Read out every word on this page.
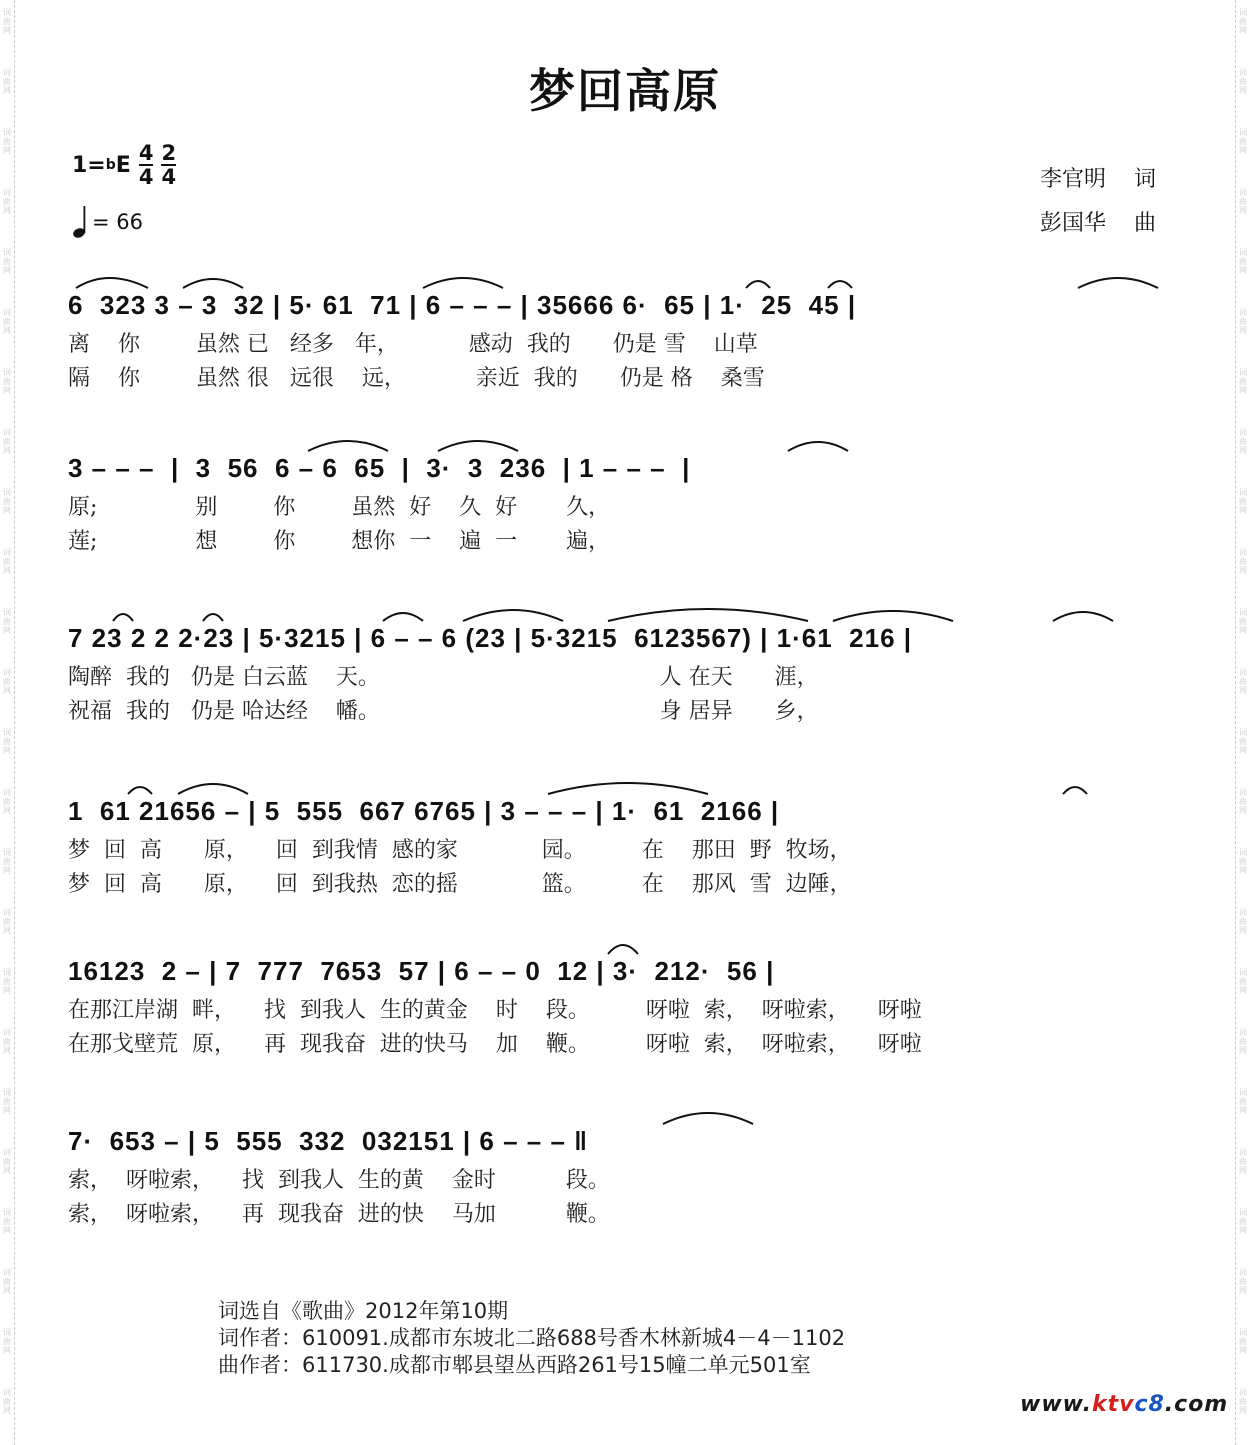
词曲网
词曲网
词曲网
词曲网
词曲网
词曲网
词曲网
词曲网
词曲网
词曲网
词曲网
词曲网
词曲网
词曲网
词曲网
词曲网
词曲网
词曲网
词曲网
词曲网
词曲网
词曲网
词曲网
词曲网
词曲网
词曲网
词曲网
词曲网
词曲网
词曲网
词曲网
词曲网
词曲网
词曲网
词曲网
词曲网
词曲网
词曲网
词曲网
词曲网
词曲网
词曲网
词曲网
词曲网
词曲网
词曲网
词曲网
词曲网
梦回高原
1= b E $\frac{4}{4} \frac{2}{4}$
= 66
李官明 词
彭国华 曲
6  323 3 – 3  32 | 5· 61  71 | 6 – – – | 35666 6·  65 | 1·  25  45 |
离    你        虽然 已   经多   年，          感动  我的      仍是 雪    山草
隔    你        虽然 很   远很    远，          亲近  我的      仍是 格    桑雪
3 – – –  |  3  56  6 – 6  65  |  3·  3  236  | 1 – – –  |
原;              别        你        虽然  好    久  好       久，
莲;              想        你        想你  一    遍  一       遍，
7 23 2 2 2·23 | 5·3215 | 6 – – 6 (23 | 5·3215  6123567) | 1·61  216 |
陶醉  我的   仍是 白云蓝    天。                                        人 在天      涯，
祝福  我的   仍是 哈达经    幡。                                        身 居异      乡，
1  61 21656 – | 5  555  667 6765 | 3 – – – | 1·  61  2166 |
梦  回  高      原，    回  到我情  感的家            园。        在    那田  野  牧场，
梦  回  高      原，    回  到我热  恋的摇            篮。        在    那风  雪  边陲，
16123  2 – | 7  777  7653  57 | 6 – – 0  12 | 3·  212·  56 |
在那江岸湖  畔，    找  到我人  生的黄金    时    段。        呀啦  索，  呀啦索，    呀啦
在那戈壁荒  原，    再  现我奋  进的快马    加    鞭。        呀啦  索，  呀啦索，    呀啦
7·  653 – | 5  555  332  032151 | 6 – – – ‖
索，  呀啦索，    找  到我人  生的黄    金时          段。
索，  呀啦索，    再  现我奋  进的快    马加          鞭。
词选自《歌曲》2012年第10期
词作者：610091.成都市东坡北二路688号香木林新城4－4－1102
曲作者：611730.成都市郫县望丛西路261号15幢二单元501室
www.ktvc8.com
